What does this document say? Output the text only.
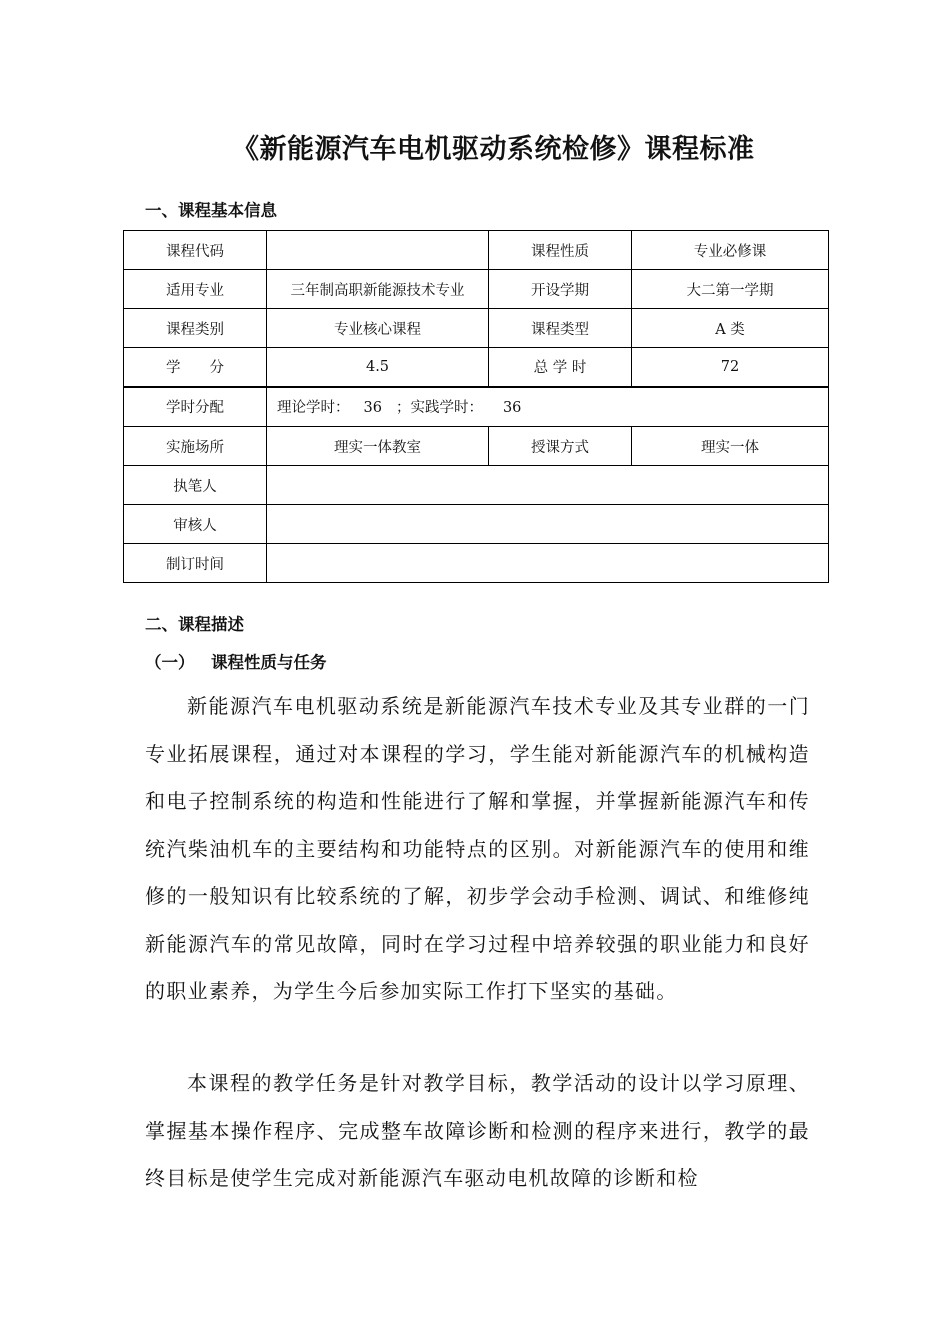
《新能源汽车电机驱动系统检修》课程标准
一、课程基本信息
课程代码		课程性质	专业必修课
适用专业	三年制高职新能源技术专业	开设学期	大二第一学期
课程类别	专业核心课程	课程类型	A 类
学　　分	4.5	总 学 时	72
学时分配	理论学时： 36 ；实践学时： 36		
实施场所	理实一体教室	授课方式	理实一体
执笔人			
审核人			
制订时间			
二、课程描述
（一） 课程性质与任务

新能源汽车电机驱动系统是新能源汽车技术专业及其专业群的一门专业拓展课程，通过对本课程的学习，学生能对新能源汽车的机械构造和电子控制系统的构造和性能进行了解和掌握，并掌握新能源汽车和传统汽柴油机车的主要结构和功能特点的区别。对新能源汽车的使用和维修的一般知识有比较系统的了解，初步学会动手检测、调试、和维修纯新能源汽车的常见故障，同时在学习过程中培养较强的职业能力和良好的职业素养，为学生今后参加实际工作打下坚实的基础。

本课程的教学任务是针对教学目标，教学活动的设计以学习原理、掌握基本操作程序、完成整车故障诊断和检测的程序来进行，教学的最终目标是使学生完成对新能源汽车驱动电机故障的诊断和检
